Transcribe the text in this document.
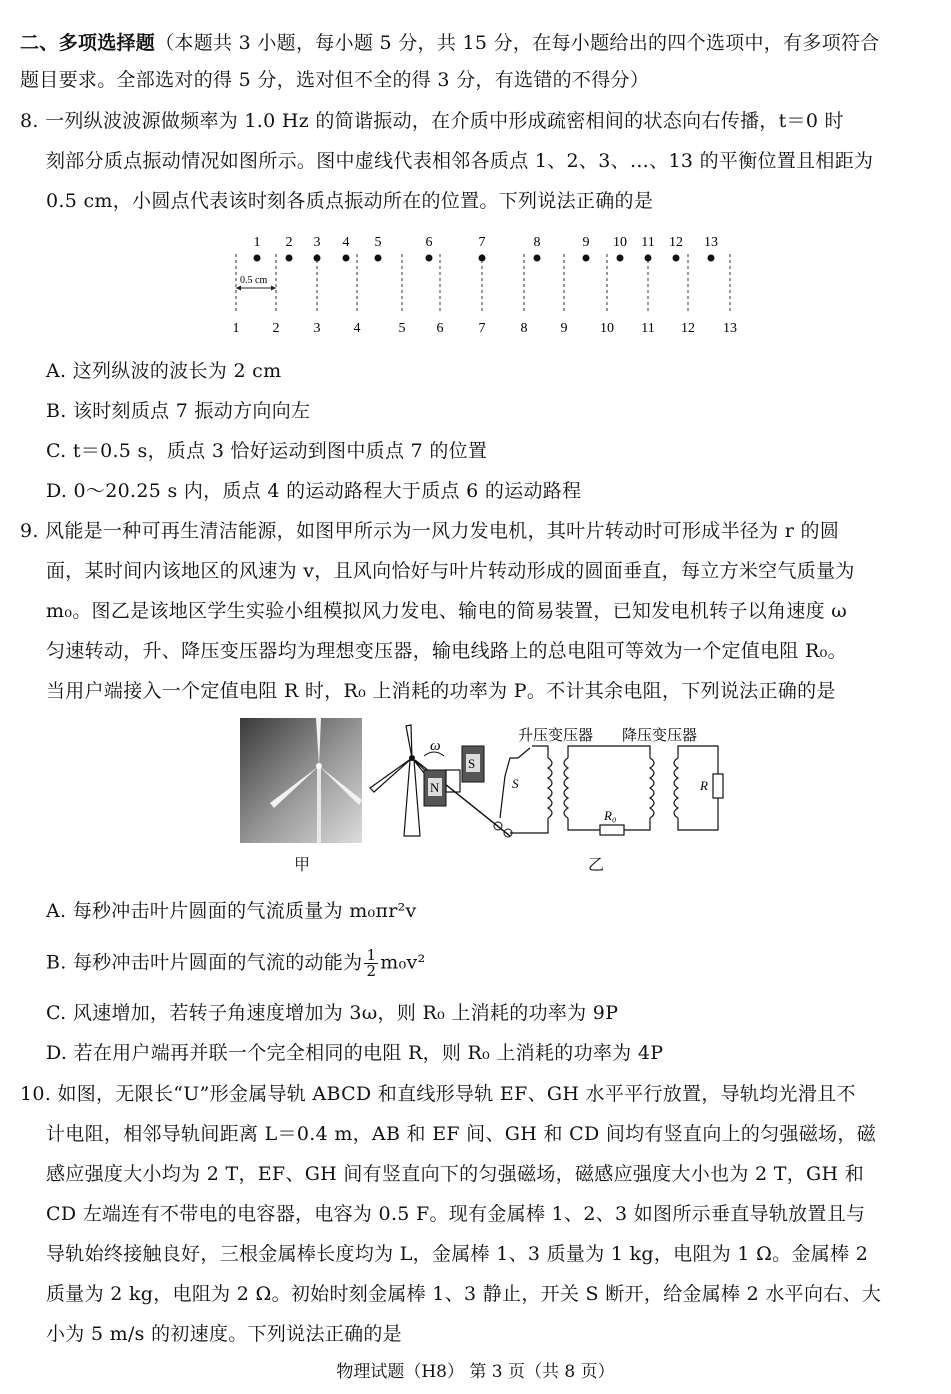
二、多项选择题（本题共 3 小题，每小题 5 分，共 15 分，在每小题给出的四个选项中，有多项符合
题目要求。全部选对的得 5 分，选对但不全的得 3 分，有选错的不得分）
8. 一列纵波波源做频率为 1.0 Hz 的简谐振动，在介质中形成疏密相间的状态向右传播，t＝0 时
刻部分质点振动情况如图所示。图中虚线代表相邻各质点 1、2、3、…、13 的平衡位置且相距为
0.5 cm，小圆点代表该时刻各质点振动所在的位置。下列说法正确的是
1 2 3 4 5	6	7	8	9 10 11 12 13
1 2 3 4	5 6	7	8 9 10 11 12 13
0.5 cm
A. 这列纵波的波长为 2 cm
B. 该时刻质点 7 振动方向向左
C. t＝0.5 s，质点 3 恰好运动到图中质点 7 的位置
D. 0～20.25 s 内，质点 4 的运动路程大于质点 6 的运动路程
9. 风能是一种可再生清洁能源，如图甲所示为一风力发电机，其叶片转动时可形成半径为 r 的圆
面，某时间内该地区的风速为 v，且风向恰好与叶片转动形成的圆面垂直，每立方米空气质量为
m₀。图乙是该地区学生实验小组模拟风力发电、输电的简易装置，已知发电机转子以角速度 ω
匀速转动，升、降压变压器均为理想变压器，输电线路上的总电阻可等效为一个定值电阻 R₀。
当用户端接入一个定值电阻 R 时，R₀ 上消耗的功率为 P。不计其余电阻，下列说法正确的是
甲
ω
N
S
S
升压变压器
R₀
降压变压器
R
乙
A. 每秒冲击叶片圆面的气流质量为 m₀πr²v
B. 每秒冲击叶片圆面的气流的动能为 $\frac{1}{2} m_0v^2$
C. 风速增加，若转子角速度增加为 3ω，则 R₀ 上消耗的功率为 9P
D. 若在用户端再并联一个完全相同的电阻 R，则 R₀ 上消耗的功率为 4P
10. 如图，无限长“U”形金属导轨 ABCD 和直线形导轨 EF、GH 水平平行放置，导轨均光滑且不
计电阻，相邻导轨间距离 L＝0.4 m，AB 和 EF 间、GH 和 CD 间均有竖直向上的匀强磁场，磁
感应强度大小均为 2 T，EF、GH 间有竖直向下的匀强磁场，磁感应强度大小也为 2 T，GH 和
CD 左端连有不带电的电容器，电容为 0.5 F。现有金属棒 1、2、3 如图所示垂直导轨放置且与
导轨始终接触良好，三根金属棒长度均为 L，金属棒 1、3 质量为 1 kg，电阻为 1 Ω。金属棒 2
质量为 2 kg，电阻为 2 Ω。初始时刻金属棒 1、3 静止，开关 S 断开，给金属棒 2 水平向右、大
小为 5 m/s 的初速度。下列说法正确的是
物理试题（H8） 第 3 页（共 8 页）
